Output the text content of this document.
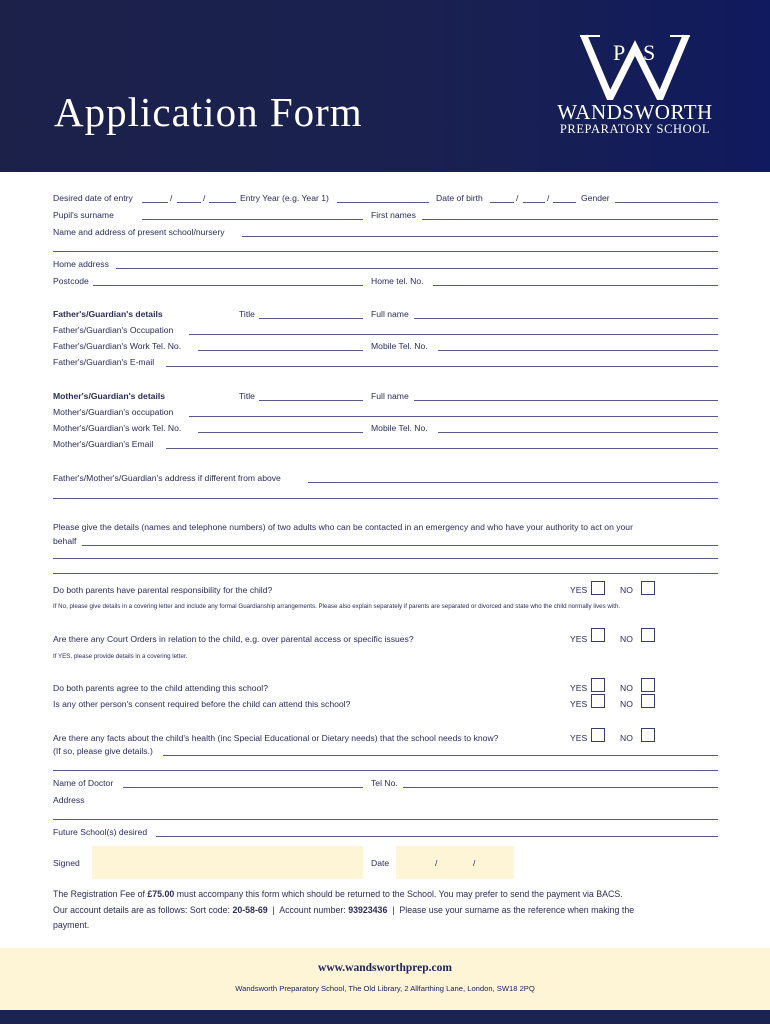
Application Form
P S
WANDSWORTH
PREPARATORY SCHOOL
Desired date of entry	/	/	Entry Year (e.g. Year 1)	Date of birth	/	/	Gender
Pupil's surname	First names
Name and address of present school/nursery
Home address
Postcode	Home tel. No.
Father's/Guardian's details	Title	Full name
Father's/Guardian's Occupation
Father's/Guardian's Work Tel. No.	Mobile Tel. No.
Father's/Guardian's E-mail
Mother's/Guardian's details	Title	Full name
Mother's/Guardian's occupation
Mother's/Guardian's work Tel. No.	Mobile Tel. No.
Mother's/Guardian's Email
Father's/Mother's/Guardian's address if different from above
Please give the details (names and telephone numbers) of two adults who can be contacted in an emergency and who have your authority to act on your
behalf
Do both parents have parental responsibility for the child?	YES	NO
If No, please give details in a covering letter and include any formal Guardianship arrangements. Please also explain separately if parents are separated or divorced and state who the child normally lives with.
Are there any Court Orders in relation to the child, e.g. over parental access or specific issues?	YES	NO
If YES, please provide details in a covering letter.
Do both parents agree to the child attending this school?	YES	NO
Is any other person's consent required before the child can attend this school?	YES	NO
Are there any facts about the child's health (inc Special Educational or Dietary needs) that the school needs to know?	YES	NO
(If so, please give details.)
Name of Doctor	Tel No.
Address
Future School(s) desired
Signed	Date	/	/
The Registration Fee of £75.00 must accompany this form which should be returned to the School. You may prefer to send the payment via BACS.
Our account details are as follows: Sort code: 20-58-69  |  Account number: 93923436  |  Please use your surname as the reference when making the
payment.
www.wandsworthprep.com
Wandsworth Preparatory School, The Old Library, 2 Allfarthing Lane, London, SW18 2PQ
